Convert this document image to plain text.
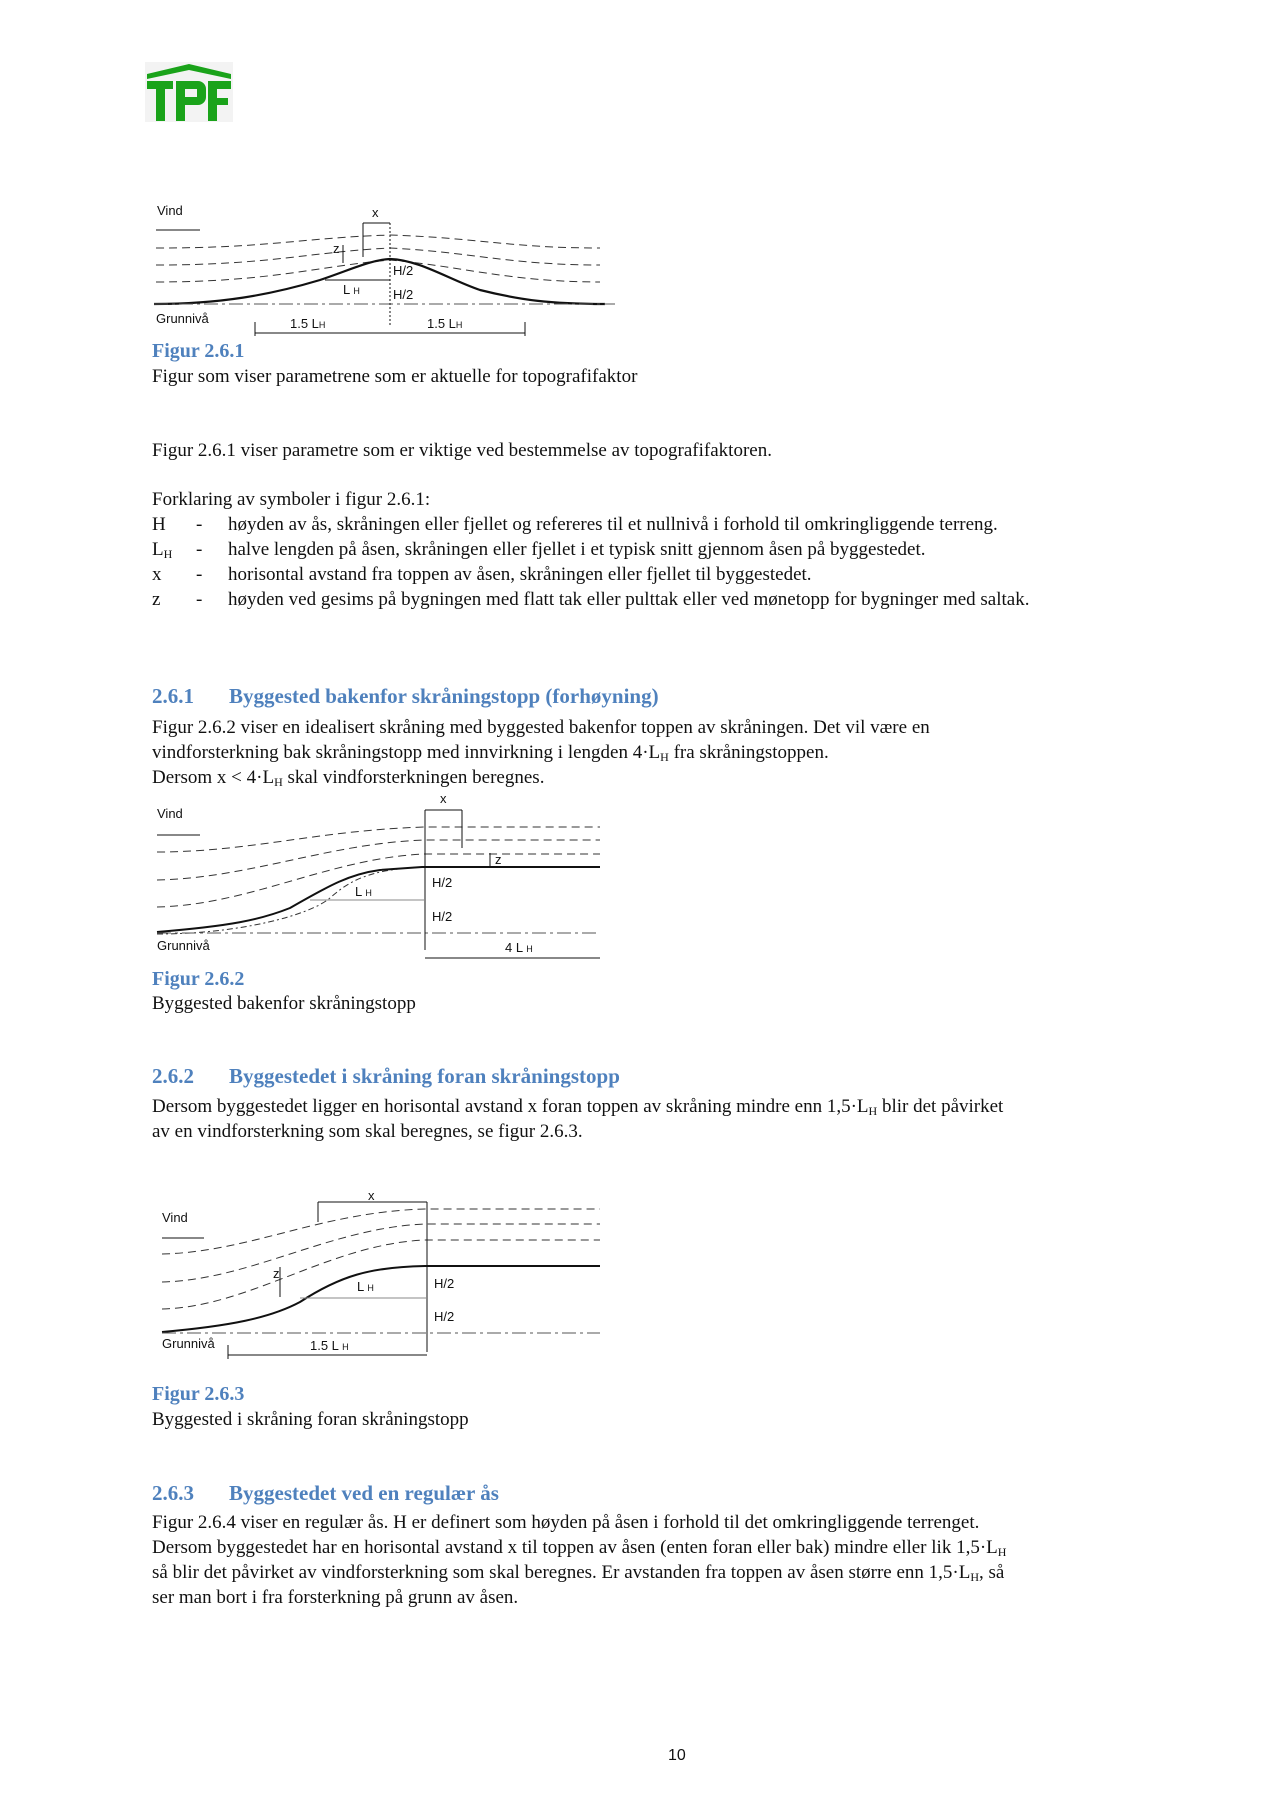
Vind	x
z
H/2
H/2
L H
Grunnivå	1.5 LH	1.5 LH
Figur 2.6.1
Figur som viser parametrene som er aktuelle for topografifaktor
Figur 2.6.1 viser parametre som er viktige ved bestemmelse av topografifaktoren.
Forklaring av symboler i figur 2.6.1:
H - høyden av ås, skråningen eller fjellet og refereres til et nullnivå i forhold til omkringliggende terreng.
$L_H$ - halve lengden på åsen, skråningen eller fjellet i et typisk snitt gjennom åsen på byggestedet.
x - horisontal avstand fra toppen av åsen, skråningen eller fjellet til byggestedet.
z - høyden ved gesims på bygningen med flatt tak eller pulttak eller ved mønetopp for bygninger med saltak.
2.6.1 Byggested bakenfor skråningstopp (forhøyning)
Figur 2.6.2 viser en idealisert skråning med byggested bakenfor toppen av skråningen. Det vil være en
vindforsterkning bak skråningstopp med innvirkning i lengden $4\cdot L_H$ fra skråningstoppen.
Dersom $x < 4\cdot L_H$ skal vindforsterkningen beregnes.
Vind
x
L H
H/2
H/2
z
Grunnivå	4 L H
Figur 2.6.2
Byggested bakenfor skråningstopp
2.6.2 Byggestedet i skråning foran skråningstopp
Dersom byggestedet ligger en horisontal avstand x foran toppen av skråning mindre enn $1,5\cdot L_H$ blir det påvirket
av en vindforsterkning som skal beregnes, se figur 2.6.3.
Vind
x
z
L H	H/2
H/2
Grunnivå	1.5 L H
Figur 2.6.3
Byggested i skråning foran skråningstopp
2.6.3 Byggestedet ved en regulær ås
Figur 2.6.4 viser en regulær ås. H er definert som høyden på åsen i forhold til det omkringliggende terrenget.
Dersom byggestedet har en horisontal avstand x til toppen av åsen (enten foran eller bak) mindre eller lik $1,5\cdot L_H$
så blir det påvirket av vindforsterkning som skal beregnes. Er avstanden fra toppen av åsen større enn $1,5\cdot L_H$, så
ser man bort i fra forsterkning på grunn av åsen.
10
